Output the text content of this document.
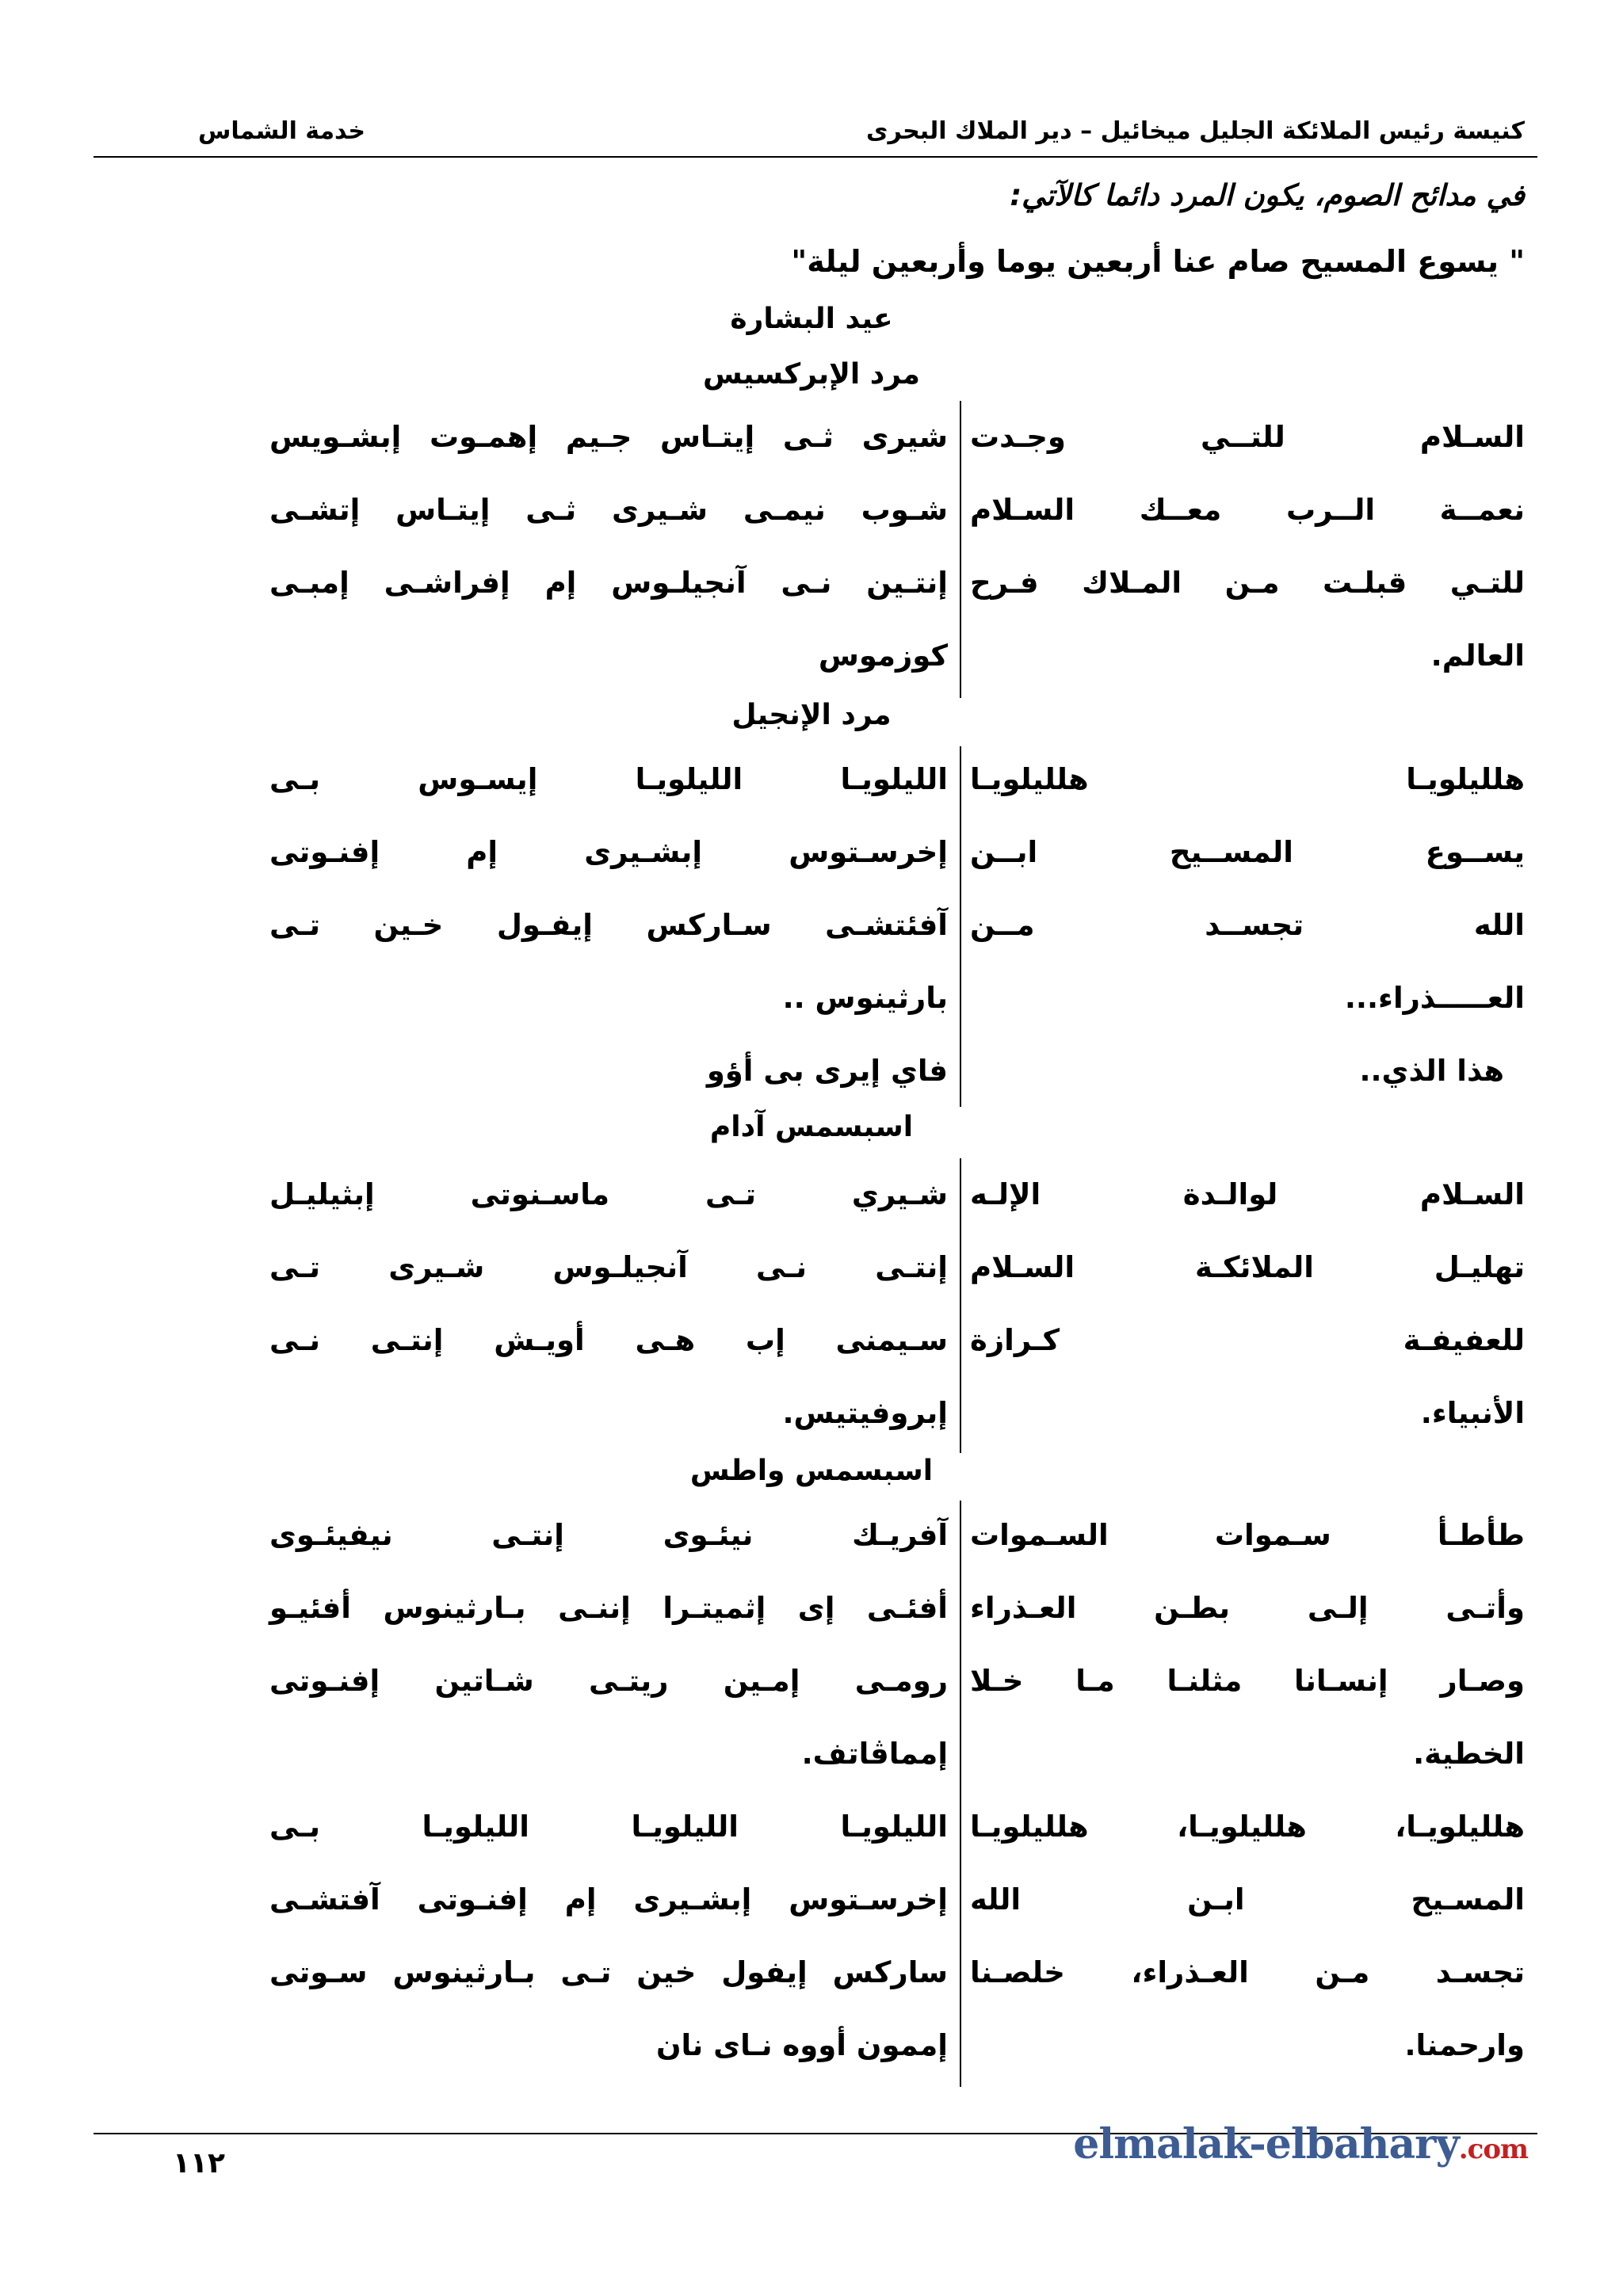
كنيسة رئيس الملائكة الجليل ميخائيل – دير الملاك البحرى
خدمة الشماس
في مدائح الصوم، يكون المرد دائما كالآتي:
" يسوع المسيح صام عنا أربعين يوما وأربعين ليلة"
عيد البشارة
مرد الإبركسيس
السـلام للتــي وجـدت
شيرى ثـى إيتـاس جـيم إهمـوت إبشـويس
نعمــة الــرب معــك السـلام
شـوب نيمـى شـيرى ثـى إيتـاس إتشـى
للتـي قبلـت مـن المـلاك فـرح
إنتـين نـى آنجيلـوس إم إفراشـى إمبـى
العالم.
كوزموس
مرد الإنجيل
هلليلويـا هلليلويـا
الليلويـا الليلويـا إيسـوس بـى
يســوع المســيح ابــن
إخرسـتوس إبشـيرى إم إفنـوتى
الله تجســد مــن
آفئتشـى سـاركس إيفـول خـين تـى
العـــــذراء...
بارثينوس ..
هذا الذي..
فاي إيرى بى أؤو
اسبسمس آدام
السـلام لوالـدة الإلـه
شـيري تـى ماسـنوتى إبثيليـل
تهليـل الملائكـة السـلام
إنتـى نـى آنجيلـوس شـيرى تـى
للعفيفـة كـرازة
سـيمنى إب هـى أويـش إنتـى نـى
الأنبياء.
إبروفيتيس.
اسبسمس واطس
طأطـأ سـموات السـموات
آفريـك نيئـوى إنتـى نيفيئـوى
وأتـى إلـى بطـن العـذراء
أفئـى إى إثميتـرا إننـى بـارثينوس أفئيـو
وصـار إنسـانا مثلنـا مـا خـلا
رومـى إمـين ريتـى شـاتين إفنـوتى
الخطية.
إمماڤاتف.
هلليلويـا، هلليلويـا، هلليلويـا
الليلويـا الليلويـا الليلويـا بـى
المسـيح ابـن الله
إخرسـتوس إبشـيرى إم إفنـوتى آفتشـى
تجسـد مـن العـذراء، خلصـنا
ساركس إيفول خين تـى بـارثينوس سـوتى
وارحمنا.
إممون أووه نـاى نان
١١٢	elmalak-elbahary.com
